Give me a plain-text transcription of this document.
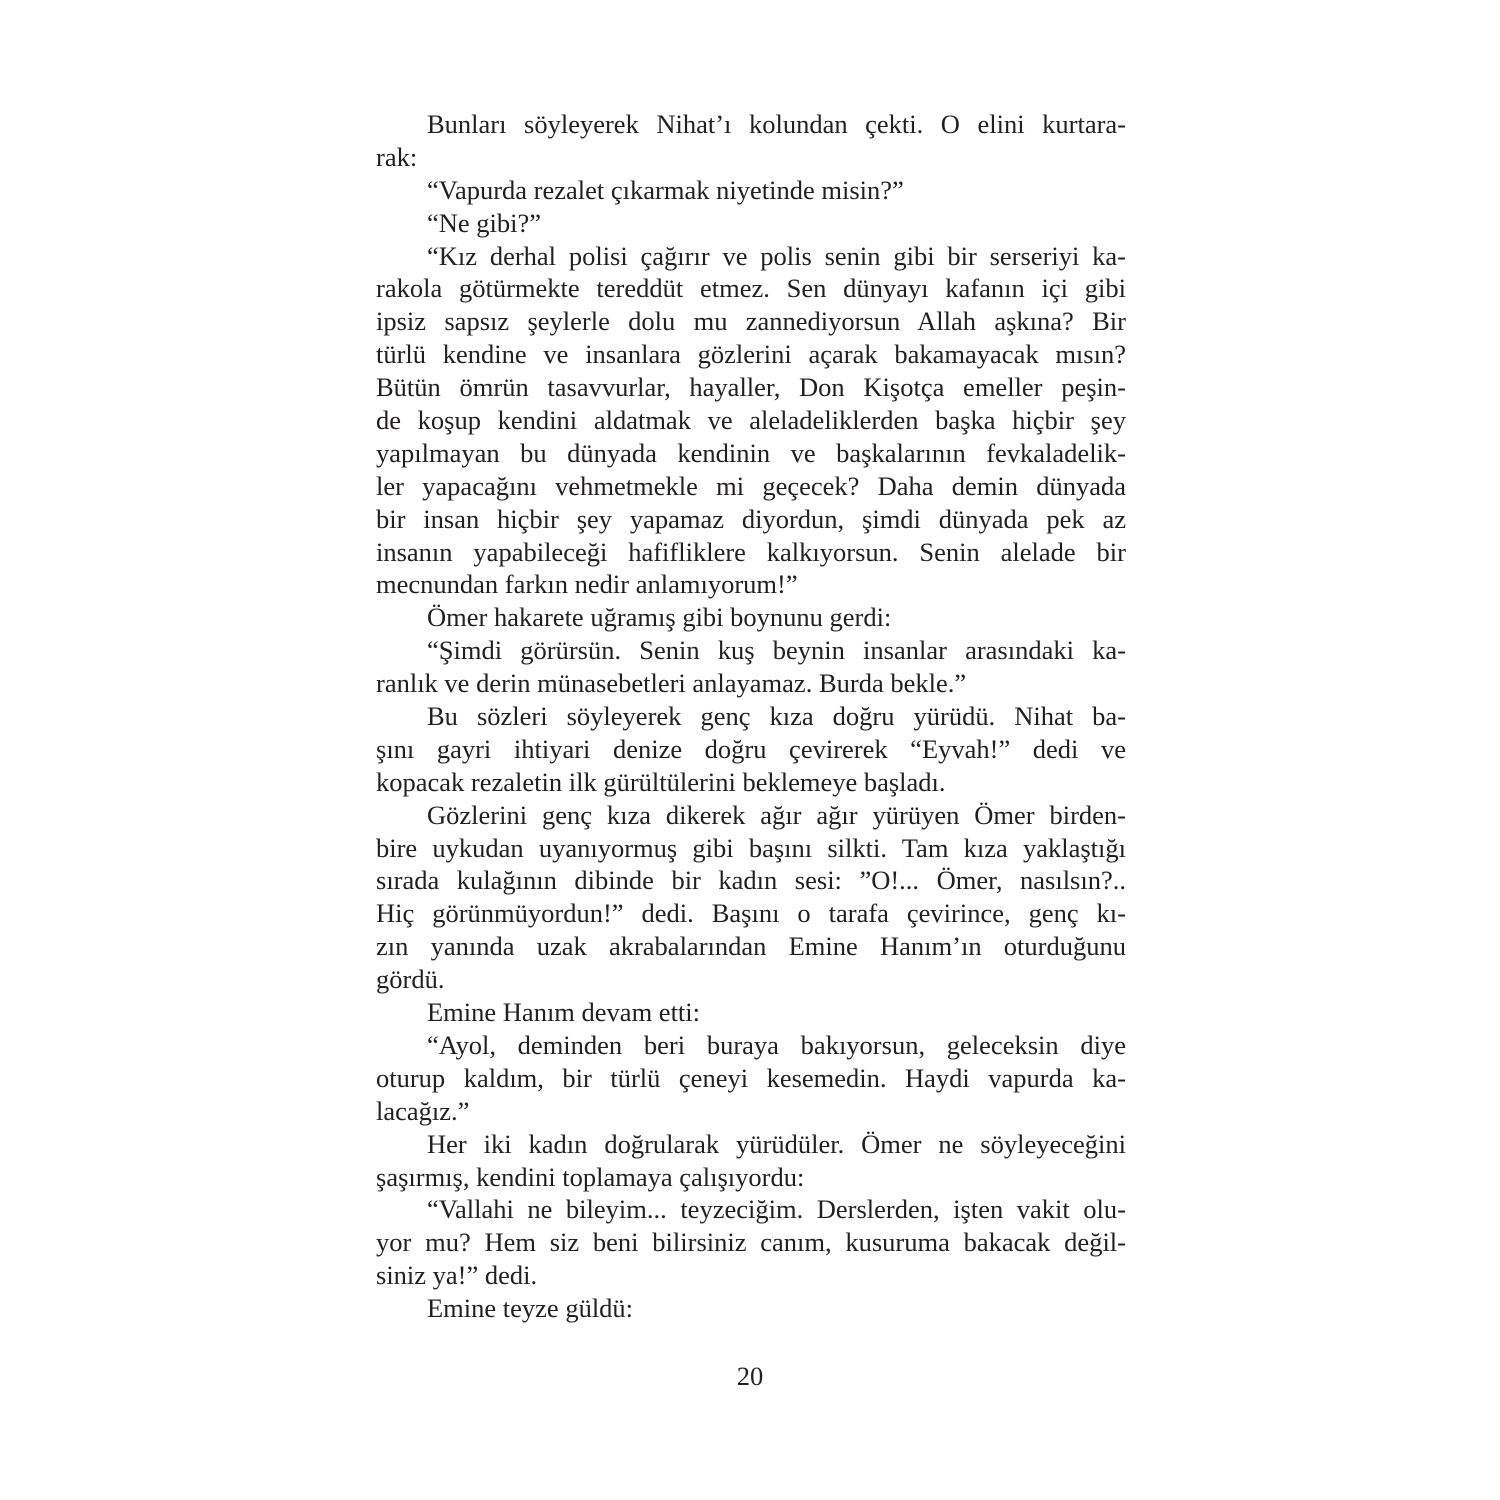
Bunları söyleyerek Nihat’ı kolundan çekti. O elini kurtara-
rak:
“Vapurda rezalet çıkarmak niyetinde misin?”
“Ne gibi?”
“Kız derhal polisi çağırır ve polis senin gibi bir serseriyi ka-
rakola götürmekte tereddüt etmez. Sen dünyayı kafanın içi gibi
ipsiz sapsız şeylerle dolu mu zannediyorsun Allah aşkına? Bir
türlü kendine ve insanlara gözlerini açarak bakamayacak mısın?
Bütün ömrün tasavvurlar, hayaller, Don Kişotça emeller peşin-
de koşup kendini aldatmak ve aleladeliklerden başka hiçbir şey
yapılmayan bu dünyada kendinin ve başkalarının fevkaladelik-
ler yapacağını vehmetmekle mi geçecek? Daha demin dünyada
bir insan hiçbir şey yapamaz diyordun, şimdi dünyada pek az
insanın yapabileceği hafifliklere kalkıyorsun. Senin alelade bir
mecnundan farkın nedir anlamıyorum!”
Ömer hakarete uğramış gibi boynunu gerdi:
“Şimdi görürsün. Senin kuş beynin insanlar arasındaki ka-
ranlık ve derin münasebetleri anlayamaz. Burda bekle.”
Bu sözleri söyleyerek genç kıza doğru yürüdü. Nihat ba-
şını gayri ihtiyari denize doğru çevirerek “Eyvah!” dedi ve
kopacak rezaletin ilk gürültülerini beklemeye başladı.
Gözlerini genç kıza dikerek ağır ağır yürüyen Ömer birden-
bire uykudan uyanıyormuş gibi başını silkti. Tam kıza yaklaştığı
sırada kulağının dibinde bir kadın sesi: ”O!... Ömer, nasılsın?..
Hiç görünmüyordun!” dedi. Başını o tarafa çevirince, genç kı-
zın yanında uzak akrabalarından Emine Hanım’ın oturduğunu
gördü.
Emine Hanım devam etti:
“Ayol, deminden beri buraya bakıyorsun, geleceksin diye
oturup kaldım, bir türlü çeneyi kesemedin. Haydi vapurda ka-
lacağız.”
Her iki kadın doğrularak yürüdüler. Ömer ne söyleyeceğini
şaşırmış, kendini toplamaya çalışıyordu:
“Vallahi ne bileyim... teyzeciğim. Derslerden, işten vakit olu-
yor mu? Hem siz beni bilirsiniz canım, kusuruma bakacak değil-
siniz ya!” dedi.
Emine teyze güldü:
20
